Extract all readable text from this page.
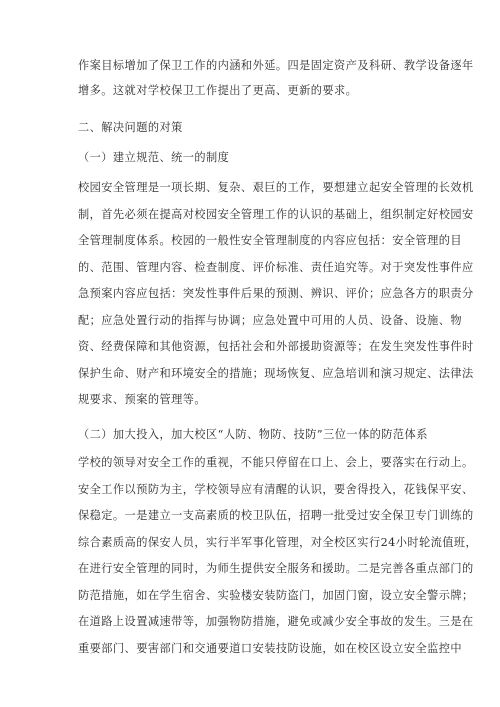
作案目标增加了保卫工作的内涵和外延。四是固定资产及科研、教学设备逐年
增多。这就对学校保卫工作提出了更高、更新的要求。
二、解决问题的对策
（一）建立规范、统一的制度
校园安全管理是一项长期、复杂、艰巨的工作，要想建立起安全管理的长效机
制，首先必须在提高对校园安全管理工作的认识的基础上，组织制定好校园安
全管理制度体系。校园的一般性安全管理制度的内容应包括：安全管理的目
的、范围、管理内容、检查制度、评价标准、责任追究等。对于突发性事件应
急预案内容应包括：突发性事件后果的预测、辨识、评价；应急各方的职责分
配；应急处置行动的指挥与协调；应急处置中可用的人员、设备、设施、物
资、经费保障和其他资源，包括社会和外部援助资源等；在发生突发性事件时
保护生命、财产和环境安全的措施；现场恢复、应急培训和演习规定、法律法
规要求、预案的管理等。
（二）加大投入，加大校区“人防、物防、技防”三位一体的防范体系
学校的领导对安全工作的重视，不能只停留在口上、会上，要落实在行动上。
安全工作以预防为主，学校领导应有清醒的认识，要舍得投入，花钱保平安、
保稳定。一是建立一支高素质的校卫队伍，招聘一批受过安全保卫专门训练的
综合素质高的保安人员，实行半军事化管理，对全校区实行24小时轮流值班，
在进行安全管理的同时，为师生提供安全服务和援助。二是完善各重点部门的
防范措施，如在学生宿舍、实验楼安装防盗门，加固门窗，设立安全警示牌；
在道路上设置减速带等，加强物防措施，避免或减少安全事故的发生。三是在
重要部门、要害部门和交通要道口安装技防设施，如在校区设立安全监控中
